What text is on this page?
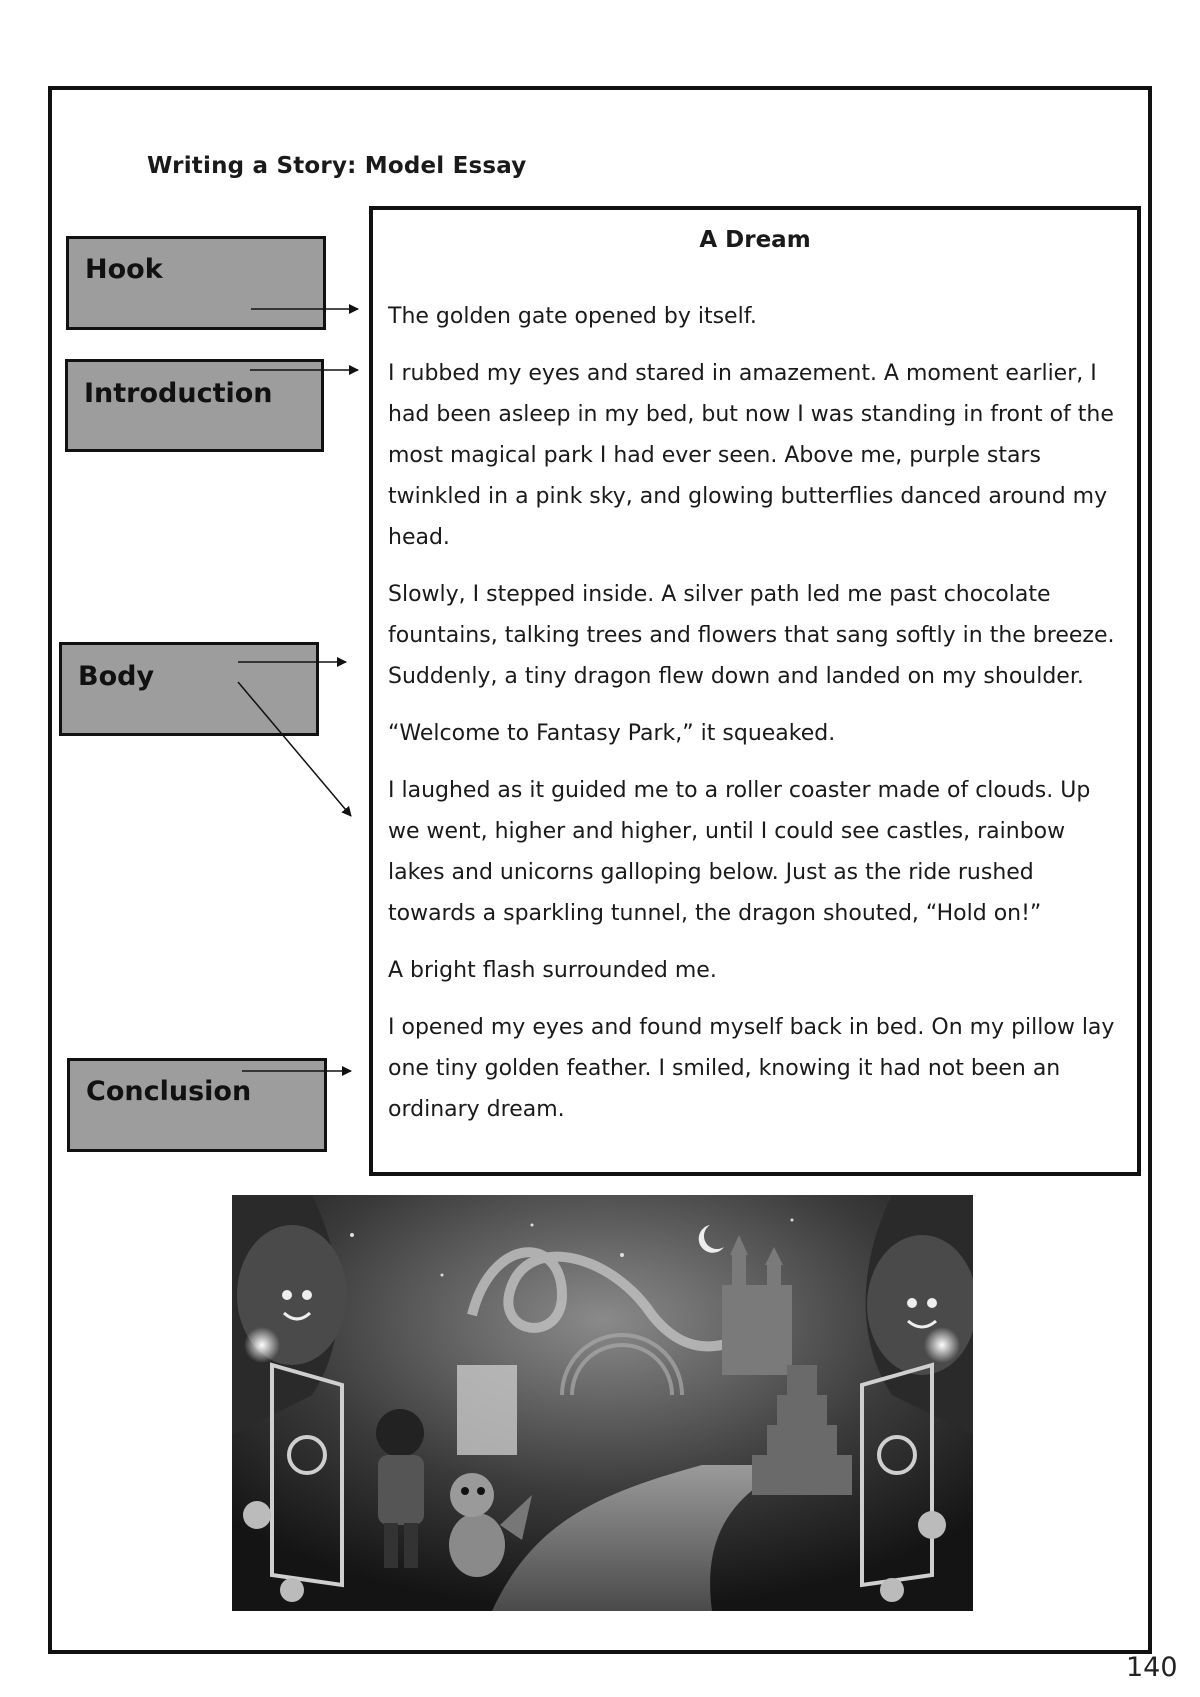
Writing a Story: Model Essay
Hook
Introduction
Body
Conclusion
A Dream

The golden gate opened by itself.

I rubbed my eyes and stared in amazement. A moment earlier, I had been asleep in my bed, but now I was standing in front of the most magical park I had ever seen. Above me, purple stars twinkled in a pink sky, and glowing butterflies danced around my head.

Slowly, I stepped inside. A silver path led me past chocolate fountains, talking trees and flowers that sang softly in the breeze. Suddenly, a tiny dragon flew down and landed on my shoulder.

“Welcome to Fantasy Park,” it squeaked.

I laughed as it guided me to a roller coaster made of clouds. Up we went, higher and higher, until I could see castles, rainbow lakes and unicorns galloping below. Just as the ride rushed towards a sparkling tunnel, the dragon shouted, “Hold on!”

A bright flash surrounded me.

I opened my eyes and found myself back in bed. On my pillow lay one tiny golden feather. I smiled, knowing it had not been an ordinary dream.

140
